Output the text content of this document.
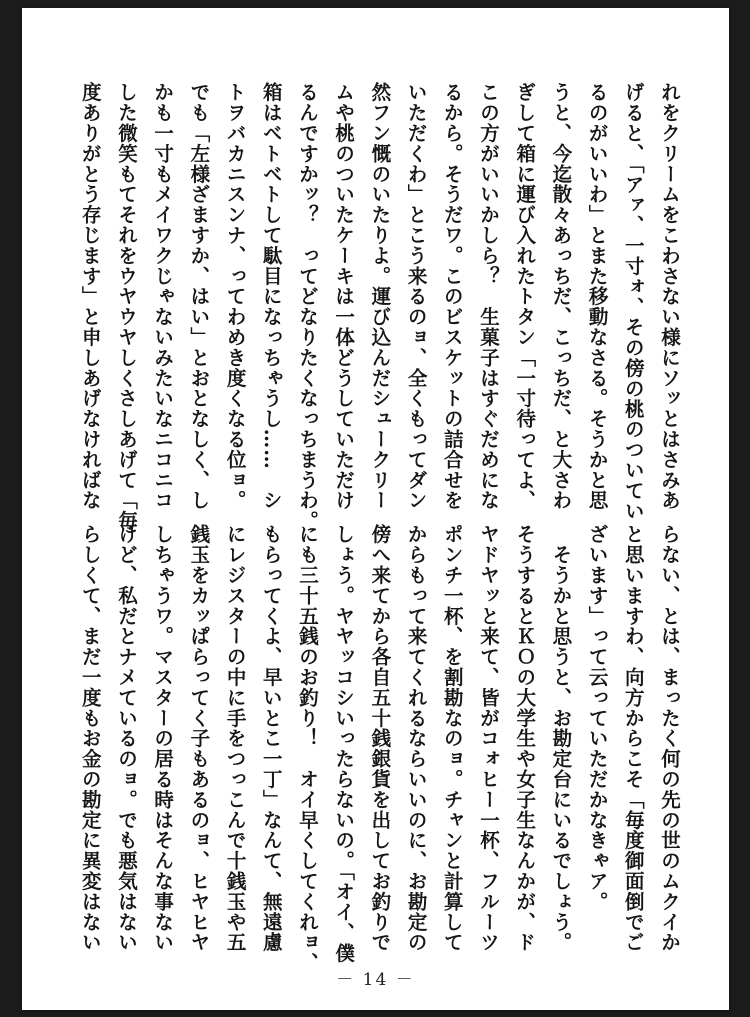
れをクリームをこわさない様にソッとはさみあ
げると、「アァ、一寸ォ、その傍の桃のついてい
るのがいいわ」とまた移動なさる。そうかと思
うと、今迄散々あっちだ、こっちだ、と大さわ
ぎして箱に運び入れたトタン「一寸待ってよ、
この方がいいかしら？　生菓子はすぐだめにな
るから。そうだワ。このビスケットの詰合せを
いただくわ」とこう来るのョ、全くもってダン
然フン慨のいたりよ。運び込んだシュークリー
ムや桃のついたケーキは一体どうしていただけ
るんですかッ？　ってどなりたくなっちまうわ。
箱はベトベトして駄目になっちゃうし……　シ
トヲバカニスンナ、ってわめき度くなる位ョ。
でも「左様ざますか、はい」とおとなしく、し
かも一寸もメイワクじゃないみたいなニコニコ
した微笑もてそれをウヤウヤしくさしあげて「毎
度ありがとう存じます」と申しあげなければな
らない、とは、まったく何の先の世のムクイか
と思いますわ、向方からこそ「毎度御面倒でご
ざいます」って云っていただかなきゃア。
　そうかと思うと、お勘定台にいるでしょう。
そうするとＫＯの大学生や女子生なんかが、ド
ヤドヤッと来て、皆がコォヒー一杯、フルーツ
ポンチ一杯、を割勘なのョ。チャンと計算して
からもって来てくれるならいいのに、お勘定の
傍へ来てから各自五十銭銀貨を出してお釣りで
しょう。ヤヤッコシいったらないの。「オイ、僕
にも三十五銭のお釣り！　オイ早くしてくれョ、
もらってくよ、早いとこ一丁」なんて、無遠慮
にレジスターの中に手をつっこんで十銭玉や五
銭玉をカッぱらってく子もあるのョ、ヒヤヒヤ
しちゃうワ。マスターの居る時はそんな事ない
けど、私だとナメているのョ。でも悪気はない
らしくて、まだ一度もお金の勘定に異変はない
－ 14 －
